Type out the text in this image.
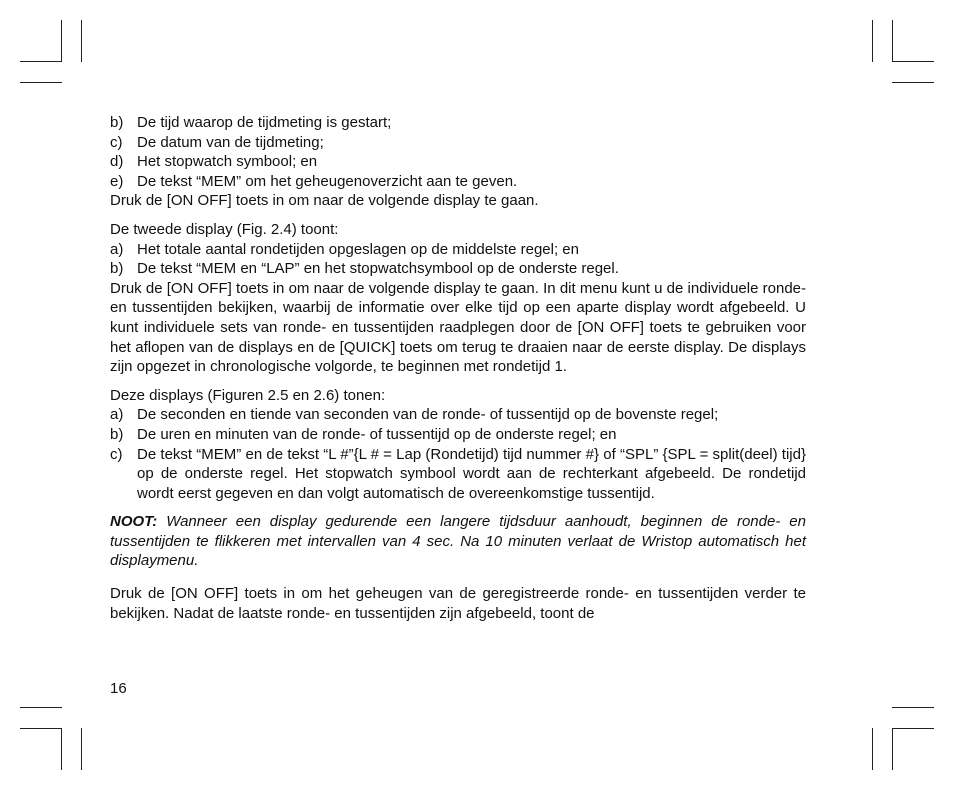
b) De tijd waarop de tijdmeting is gestart;
c) De datum van de tijdmeting;
d) Het stopwatch symbool; en
e) De tekst “MEM” om het geheugenoverzicht aan te geven.

Druk de [ON OFF] toets in om naar de volgende display te gaan.

De tweede display (Fig. 2.4) toont:

a) Het totale aantal rondetijden opgeslagen op de middelste regel; en
b) De tekst “MEM en “LAP” en het stopwatchsymbool op de onderste regel.

Druk de [ON OFF] toets in om naar de volgende display te gaan. In dit menu kunt u de individuele ronde- en tussentijden bekijken, waarbij de informatie over elke tijd op een aparte display wordt afgebeeld. U kunt individuele sets van ronde- en tussentijden raadplegen door de [ON OFF] toets te gebruiken voor het aflopen van de displays en de [QUICK] toets om terug te draaien naar de eerste display. De displays zijn opgezet in chronologische volgorde, te beginnen met rondetijd 1.

Deze displays (Figuren 2.5 en 2.6) tonen:

a) De seconden en tiende van seconden van de ronde- of tussentijd op de bovenste regel;
b) De uren en minuten van de ronde- of tussentijd op de onderste regel; en
c) De tekst “MEM” en de tekst “L #”{L # = Lap (Rondetijd) tijd nummer #} of “SPL” {SPL = split(deel) tijd} op de onderste regel. Het stopwatch symbool wordt aan de rechterkant afgebeeld. De rondetijd wordt eerst gegeven en dan volgt automatisch de overeenkomstige tussentijd.

NOOT: Wanneer een display gedurende een langere tijdsduur aanhoudt, beginnen de ronde- en tussentijden te flikkeren met intervallen van 4 sec. Na 10 minuten verlaat de Wristop automatisch het displaymenu.

Druk de [ON OFF] toets in om het geheugen van de geregistreerde ronde- en tussentijden verder te bekijken. Nadat de laatste ronde- en tussentijden zijn afgebeeld, toont de

16
